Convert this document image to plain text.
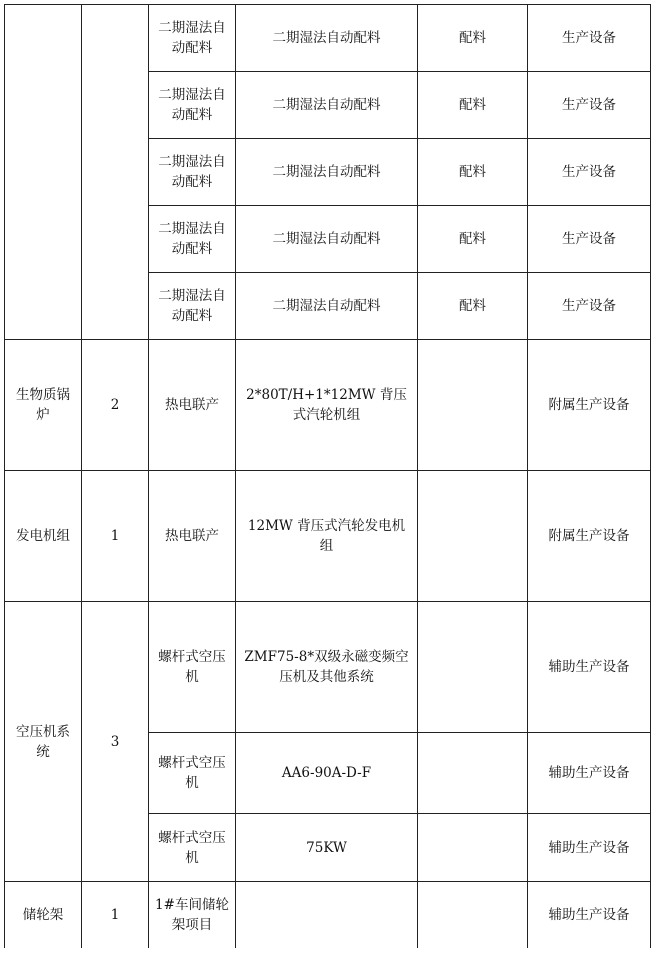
		二期湿法自动配料	二期湿法自动配料	配料	生产设备
		二期湿法自动配料	二期湿法自动配料	配料	生产设备
		二期湿法自动配料	二期湿法自动配料	配料	生产设备
		二期湿法自动配料	二期湿法自动配料	配料	生产设备
		二期湿法自动配料	二期湿法自动配料	配料	生产设备
生物质锅炉	2	热电联产	2*80T/H+1*12MW 背压式汽轮机组		附属生产设备
发电机组	1	热电联产	12MW 背压式汽轮发电机组		附属生产设备
空压机系统	3	螺杆式空压机	ZMF75-8*双级永磁变频空压机及其他系统		辅助生产设备
		螺杆式空压机	AA6-90A-D-F		辅助生产设备
		螺杆式空压机	75KW		辅助生产设备
储轮架	1	1#车间储轮架项目			辅助生产设备
